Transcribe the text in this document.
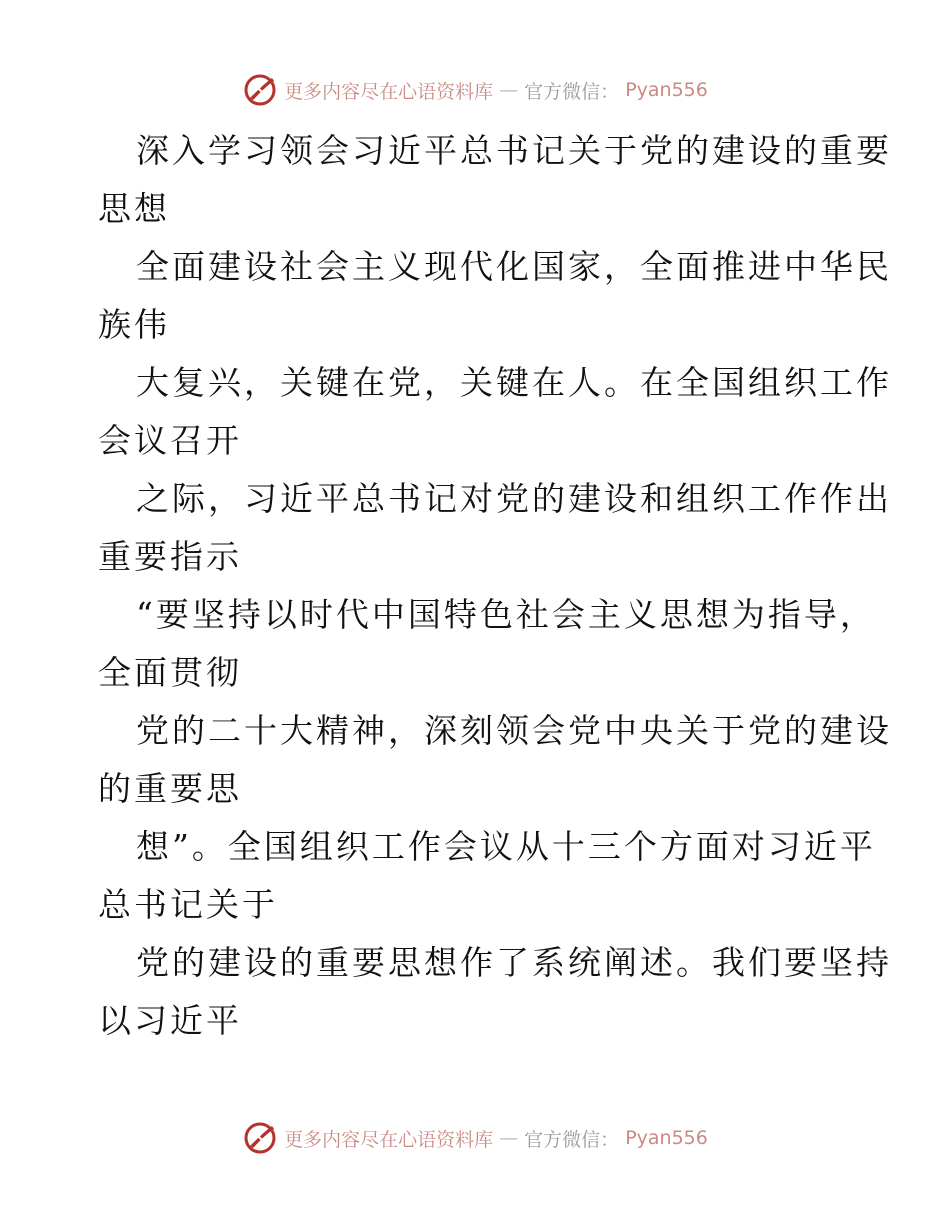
更多内容尽在心语资料库 — 官方微信： Pyan556
深入学习领会习近平总书记关于党的建设的重要
思想
全面建设社会主义现代化国家，全面推进中华民
族伟
大复兴，关键在党，关键在人。在全国组织工作
会议召开
之际，习近平总书记对党的建设和组织工作作出
重要指示
“要坚持以时代中国特色社会主义思想为指导，
全面贯彻
党的二十大精神，深刻领会党中央关于党的建设
的重要思
想”。全国组织工作会议从十三个方面对习近平
总书记关于
党的建设的重要思想作了系统阐述。我们要坚持
以习近平
更多内容尽在心语资料库 — 官方微信： Pyan556
